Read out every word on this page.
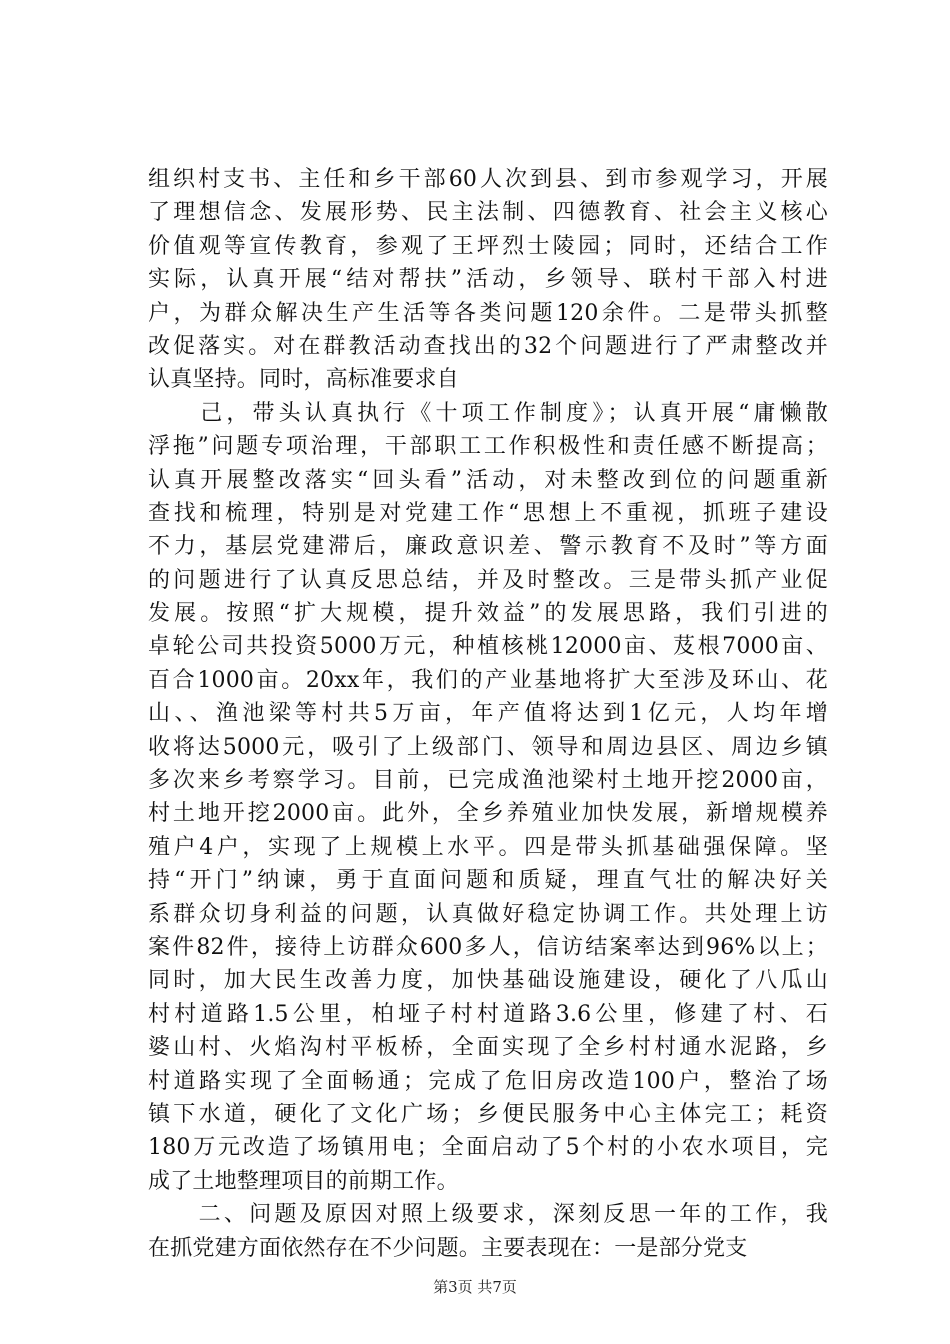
组织村支书、主任和乡干部60人次到县、到市参观学习，开展
了理想信念、发展形势、民主法制、四德教育、社会主义核心
价值观等宣传教育，参观了王坪烈士陵园；同时，还结合工作
实际，认真开展“结对帮扶”活动，乡领导、联村干部入村进
户，为群众解决生产生活等各类问题120余件。二是带头抓整
改促落实。对在群教活动查找出的32个问题进行了严肃整改并
认真坚持。同时，高标准要求自
　　己，带头认真执行《十项工作制度》；认真开展“庸懒散
浮拖”问题专项治理，干部职工工作积极性和责任感不断提高；
认真开展整改落实“回头看”活动，对未整改到位的问题重新
查找和梳理，特别是对党建工作“思想上不重视，抓班子建设
不力，基层党建滞后，廉政意识差、警示教育不及时”等方面
的问题进行了认真反思总结，并及时整改。三是带头抓产业促
发展。按照“扩大规模，提升效益”的发展思路，我们引进的
卓轮公司共投资5000万元，种植核桃12000亩、芨根7000亩、
百合1000亩。20xx年，我们的产业基地将扩大至涉及环山、花
山、、渔池梁等村共5万亩，年产值将达到1亿元，人均年增
收将达5000元，吸引了上级部门、领导和周边县区、周边乡镇
多次来乡考察学习。目前，已完成渔池梁村土地开挖2000亩，
村土地开挖2000亩。此外，全乡养殖业加快发展，新增规模养
殖户4户，实现了上规模上水平。四是带头抓基础强保障。坚
持“开门”纳谏，勇于直面问题和质疑，理直气壮的解决好关
系群众切身利益的问题，认真做好稳定协调工作。共处理上访
案件82件，接待上访群众600多人，信访结案率达到96%以上；
同时，加大民生改善力度，加快基础设施建设，硬化了八瓜山
村村道路1.5公里，柏垭子村村道路3.6公里，修建了村、石
婆山村、火焰沟村平板桥，全面实现了全乡村村通水泥路，乡
村道路实现了全面畅通；完成了危旧房改造100户，整治了场
镇下水道，硬化了文化广场；乡便民服务中心主体完工；耗资
180万元改造了场镇用电；全面启动了5个村的小农水项目，完
成了土地整理项目的前期工作。
　　二、问题及原因对照上级要求，深刻反思一年的工作，我
在抓党建方面依然存在不少问题。主要表现在：一是部分党支
第3页 共7页
